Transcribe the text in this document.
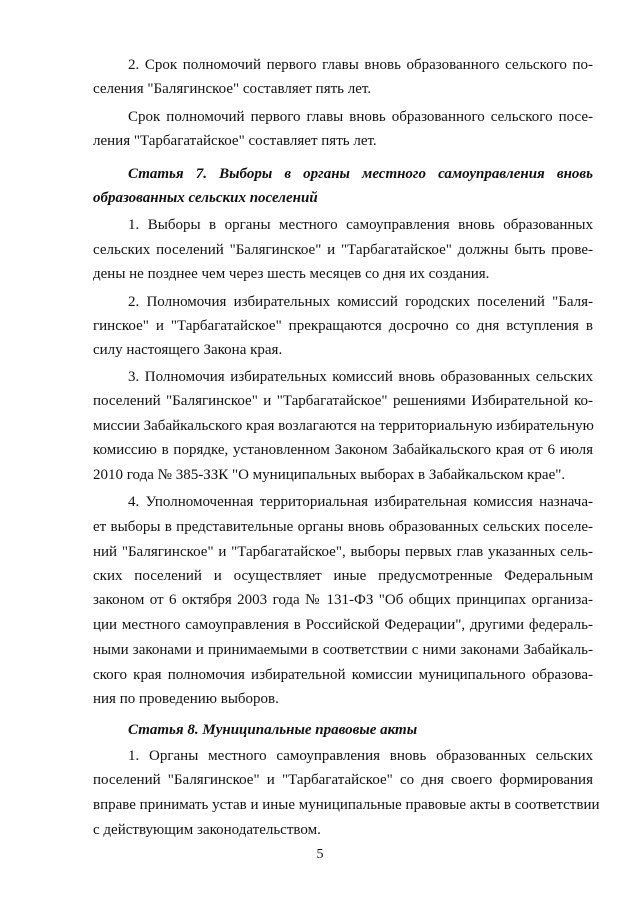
2. Срок полномочий первого главы вновь образованного сельского по-
селения "Балягинское" составляет пять лет.
Срок полномочий первого главы вновь образованного сельского посе-
ления "Тарбагатайское" составляет пять лет.
Статья 7. Выборы в органы местного самоуправления вновь
образованных сельских поселений
1. Выборы в органы местного самоуправления вновь образованных
сельских поселений "Балягинское" и "Тарбагатайское" должны быть прове-
дены не позднее чем через шесть месяцев со дня их создания.
2. Полномочия избирательных комиссий городских поселений "Баля-
гинское" и "Тарбагатайское" прекращаются досрочно со дня вступления в
силу настоящего Закона края.
3. Полномочия избирательных комиссий вновь образованных сельских
поселений "Балягинское" и "Тарбагатайское" решениями Избирательной ко-
миссии Забайкальского края возлагаются на территориальную избирательную
комиссию в порядке, установленном Законом Забайкальского края от 6 июля
2010 года № 385-ЗЗК "О муниципальных выборах в Забайкальском крае".
4. Уполномоченная территориальная избирательная комиссия назнача-
ет выборы в представительные органы вновь образованных сельских поселе-
ний "Балягинское" и "Тарбагатайское", выборы первых глав указанных сель-
ских поселений и осуществляет иные предусмотренные Федеральным
законом от 6 октября 2003 года № 131-ФЗ "Об общих принципах организа-
ции местного самоуправления в Российской Федерации", другими федераль-
ными законами и принимаемыми в соответствии с ними законами Забайкаль-
ского края полномочия избирательной комиссии муниципального образова-
ния по проведению выборов.
Статья 8. Муниципальные правовые акты
1. Органы местного самоуправления вновь образованных сельских
поселений "Балягинское" и "Тарбагатайское" со дня своего формирования
вправе принимать устав и иные муниципальные правовые акты в соответствии
с действующим законодательством.
5
